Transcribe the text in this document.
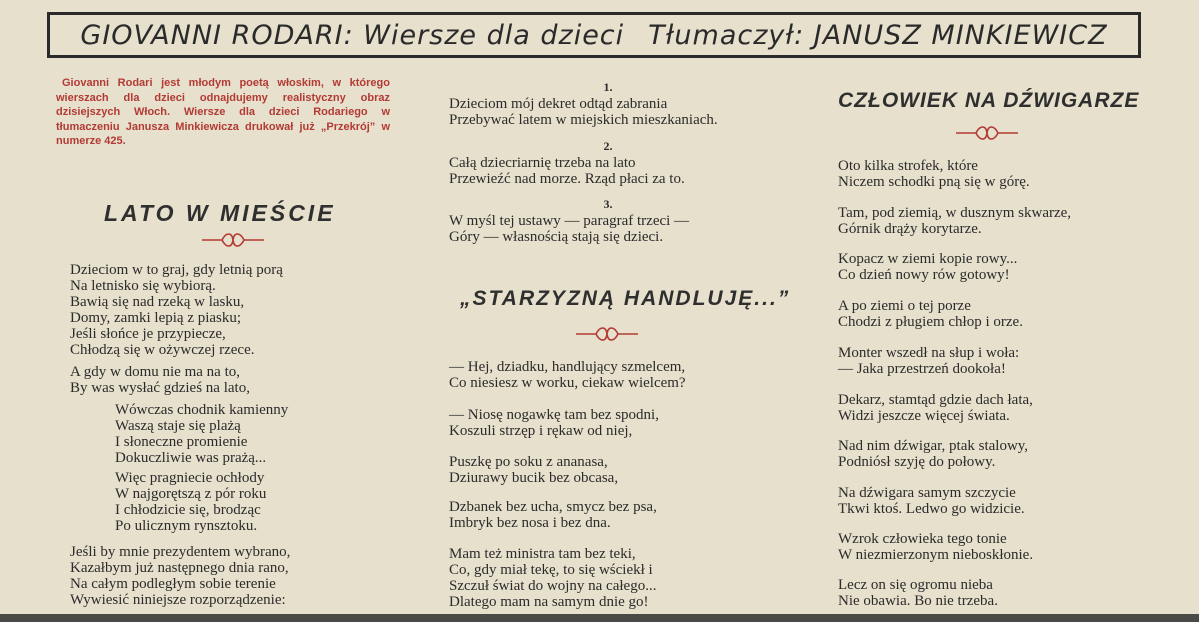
GIOVANNI RODARI: Wiersze dla dzieci Tłumaczył: JANUSZ MINKIEWICZ
Giovanni Rodari jest młodym poetą włoskim, w którego wierszach dla dzieci odnajdujemy realistyczny obraz dzisiejszych Włoch. Wiersze dla dzieci Rodariego w tłumaczeniu Janusza Minkiewicza drukował już „Przekrój” w numerze 425.
LATO W MIEŚCIE
Dzieciom w to graj, gdy letnią porą
Na letnisko się wybiorą.
Bawią się nad rzeką w lasku,
Domy, zamki lepią z piasku;
Jeśli słońce je przypiecze,
Chłodzą się w ożywczej rzece.
A gdy w domu nie ma na to,
By was wysłać gdzieś na lato,
Wówczas chodnik kamienny
Waszą staje się plażą
I słoneczne promienie
Dokuczliwie was prażą...
Więc pragniecie ochłody
W najgorętszą z pór roku
I chłodzicie się, brodząc
Po ulicznym rynsztoku.
Jeśli by mnie prezydentem wybrano,
Kazałbym już następnego dnia rano,
Na całym podległym sobie terenie
Wywiesić niniejsze rozporządzenie:
1.
Dzieciom mój dekret odtąd zabrania
Przebywać latem w miejskich mieszkaniach.
2.
Całą dziecriarnię trzeba na lato
Przewieźć nad morze. Rząd płaci za to.
3.
W myśl tej ustawy — paragraf trzeci —
Góry — własnością stają się dzieci.
„STARZYZNĄ HANDLUJĘ...”
— Hej, dziadku, handlujący szmelcem,
Co niesiesz w worku, ciekaw wielcem?
— Niosę nogawkę tam bez spodni,
Koszuli strzęp i rękaw od niej,
Puszkę po soku z ananasa,
Dziurawy bucik bez obcasa,
Dzbanek bez ucha, smycz bez psa,
Imbryk bez nosa i bez dna.
Mam też ministra tam bez teki,
Co, gdy miał tekę, to się wściekł i
Szczuł świat do wojny na całego...
Dlatego mam na samym dnie go!
CZŁOWIEK NA DŹWIGARZE
Oto kilka strofek, które
Niczem schodki pną się w górę.
Tam, pod ziemią, w dusznym skwarze,
Górnik drąży korytarze.
Kopacz w ziemi kopie rowy...
Co dzień nowy rów gotowy!
A po ziemi o tej porze
Chodzi z pługiem chłop i orze.
Monter wszedł na słup i woła:
— Jaka przestrzeń dookoła!
Dekarz, stamtąd gdzie dach łata,
Widzi jeszcze więcej świata.
Nad nim dźwigar, ptak stalowy,
Podniósł szyję do połowy.
Na dźwigara samym szczycie
Tkwi ktoś. Ledwo go widzicie.
Wzrok człowieka tego tonie
W niezmierzonym nieboskłonie.
Lecz on się ogromu nieba
Nie obawia. Bo nie trzeba.
